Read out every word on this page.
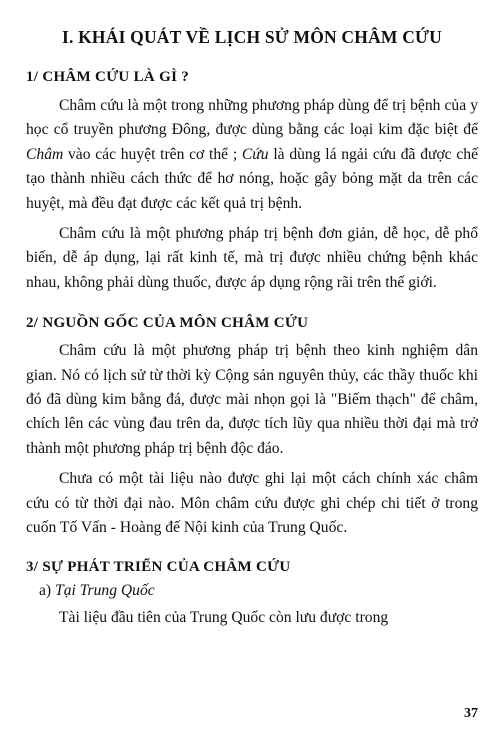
I. KHÁI QUÁT VỀ LỊCH SỬ MÔN CHÂM CỨU
1/ CHÂM CỨU LÀ GÌ ?

Châm cứu là một trong những phương pháp dùng để trị bệnh của y học cổ truyền phương Đông, được dùng bằng các loại kim đặc biệt để Châm vào các huyệt trên cơ thể ; Cứu là dùng lá ngải cứu đã được chế tạo thành nhiều cách thức để hơ nóng, hoặc gây bỏng mặt da trên các huyệt, mà đều đạt được các kết quả trị bệnh.

Châm cứu là một phương pháp trị bệnh đơn giản, dễ học, dễ phổ biến, dễ áp dụng, lại rất kinh tế, mà trị được nhiều chứng bệnh khác nhau, không phải dùng thuốc, được áp dụng rộng rãi trên thế giới.

2/ NGUỒN GỐC CỦA MÔN CHÂM CỨU

Châm cứu là một phương pháp trị bệnh theo kinh nghiệm dân gian. Nó có lịch sử từ thời kỳ Cộng sản nguyên thủy, các thầy thuốc khi đó đã dùng kim bằng đá, được mài nhọn gọi là "Biếm thạch" để châm, chích lên các vùng đau trên da, được tích lũy qua nhiều thời đại mà trở thành một phương pháp trị bệnh độc đáo.

Chưa có một tài liệu nào được ghi lại một cách chính xác châm cứu có từ thời đại nào. Môn châm cứu được ghi chép chi tiết ở trong cuốn Tố Vấn - Hoàng đế Nội kinh của Trung Quốc.

3/ SỰ PHÁT TRIỂN CỦA CHÂM CỨU

a) Tại Trung Quốc

Tài liệu đầu tiên của Trung Quốc còn lưu được trong

37
